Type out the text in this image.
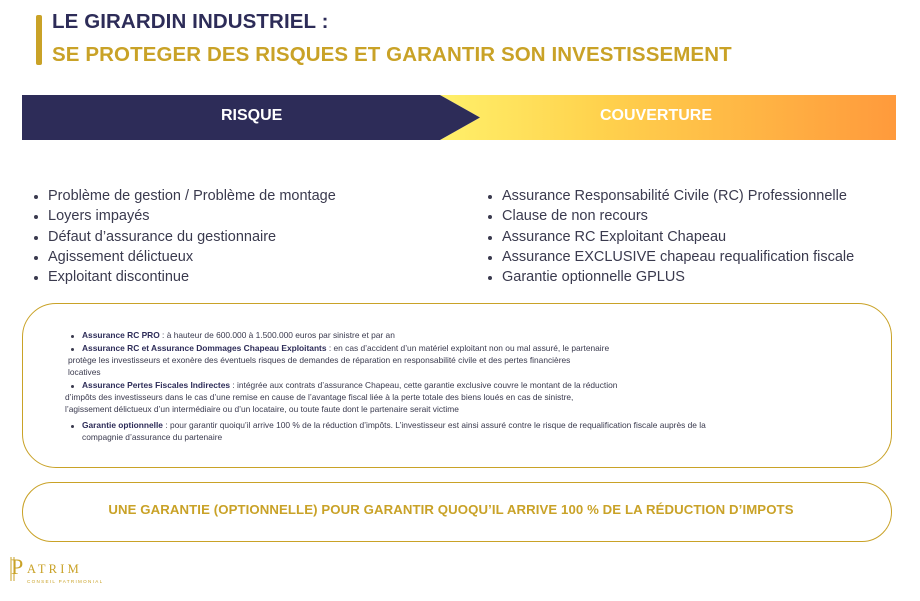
LE GIRARDIN INDUSTRIEL :
SE PROTEGER DES RISQUES ET GARANTIR SON INVESTISSEMENT
RISQUE	COUVERTURE
Problème de gestion / Problème de montage
Loyers impayés
Défaut d’assurance du gestionnaire
Agissement délictueux
Exploitant discontinue
Assurance Responsabilité Civile (RC) Professionnelle
Clause de non recours
Assurance RC Exploitant Chapeau
Assurance EXCLUSIVE chapeau requalification fiscale
Garantie optionnelle GPLUS
Assurance RC PRO : à hauteur de 600.000 à 1.500.000 euros par sinistre et par an
Assurance RC et Assurance Dommages Chapeau Exploitants : en cas d’accident d’un matériel exploitant non ou mal assuré, le partenaire
protège les investisseurs et exonère des éventuels risques de demandes de réparation en responsabilité civile et des pertes financières
locatives
Assurance Pertes Fiscales Indirectes : intégrée aux contrats d’assurance Chapeau, cette garantie exclusive couvre le montant de la réduction
d’impôts des investisseurs dans le cas d’une remise en cause de l’avantage fiscal liée à la perte totale des biens loués en cas de sinistre,
l’agissement délictueux d’un intermédiaire ou d’un locataire, ou toute faute dont le partenaire serait victime
Garantie optionnelle : pour garantir quoiqu’il arrive 100 % de la réduction d’impôts. L’investisseur est ainsi assuré contre le risque de requalification fiscale auprès de la
compagnie d’assurance du partenaire
UNE GARANTIE (OPTIONNELLE) POUR GARANTIR QUOQU’IL ARRIVE 100 % DE LA RÉDUCTION D’IMPOTS
P ATRIM
CONSEIL PATRIMONIAL
